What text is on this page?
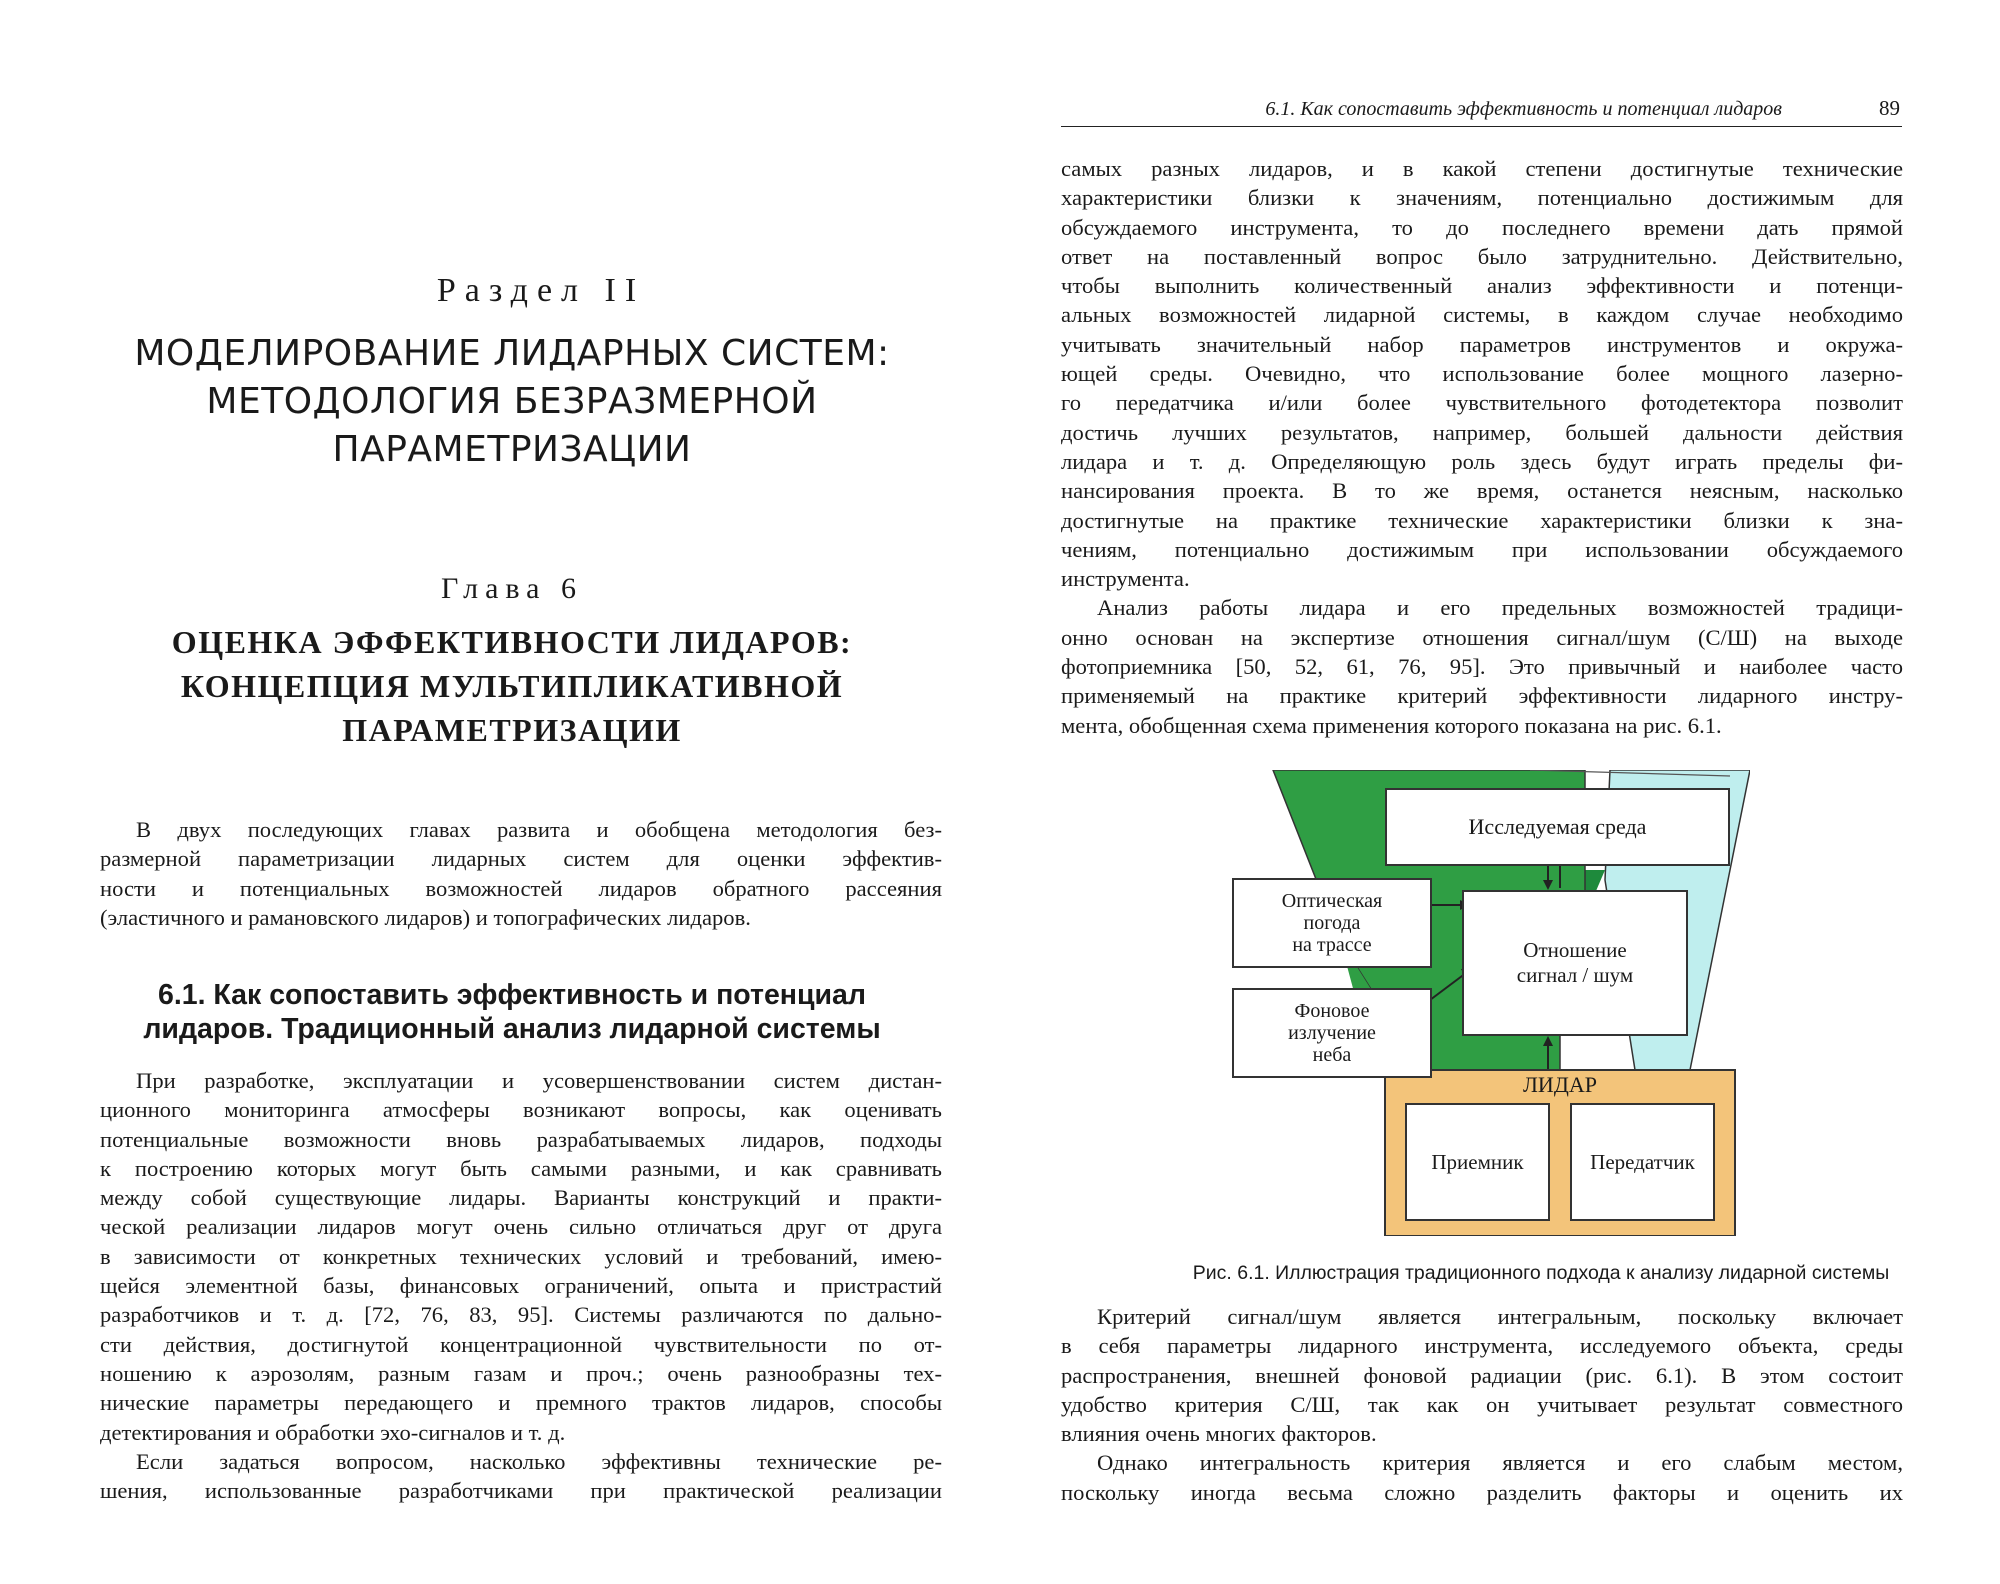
Раздел II
МОДЕЛИРОВАНИЕ ЛИДАРНЫХ СИСТЕМ:
МЕТОДОЛОГИЯ БЕЗРАЗМЕРНОЙ
ПАРАМЕТРИЗАЦИИ
Глава 6
ОЦЕНКА ЭФФЕКТИВНОСТИ ЛИДАРОВ:
КОНЦЕПЦИЯ МУЛЬТИПЛИКАТИВНОЙ
ПАРАМЕТРИЗАЦИИ
В двух последующих главах развита и обобщена методология без-
размерной параметризации лидарных систем для оценки эффектив-
ности и потенциальных возможностей лидаров обратного рассеяния
(эластичного и рамановского лидаров) и топографических лидаров.
6.1. Как сопоставить эффективность и потенциал
лидаров. Традиционный анализ лидарной системы
При разработке, эксплуатации и усовершенствовании систем дистан-
ционного мониторинга атмосферы возникают вопросы, как оценивать
потенциальные возможности вновь разрабатываемых лидаров, подходы
к построению которых могут быть самыми разными, и как сравнивать
между собой существующие лидары. Варианты конструкций и практи-
ческой реализации лидаров могут очень сильно отличаться друг от друга
в зависимости от конкретных технических условий и требований, имею-
щейся элементной базы, финансовых ограничений, опыта и пристрастий
разработчиков и т. д. [72, 76, 83, 95]. Системы различаются по дально-
сти действия, достигнутой концентрационной чувствительности по от-
ношению к аэрозолям, разным газам и проч.; очень разнообразны тех-
нические параметры передающего и премного трактов лидаров, способы
детектирования и обработки эхо-сигналов и т. д.
Если задаться вопросом, насколько эффективны технические ре-
шения, использованные разработчиками при практической реализации
6.1. Как сопоставить эффективность и потенциал лидаров	89
самых разных лидаров, и в какой степени достигнутые технические
характеристики близки к значениям, потенциально достижимым для
обсуждаемого инструмента, то до последнего времени дать прямой
ответ на поставленный вопрос было затруднительно. Действительно,
чтобы выполнить количественный анализ эффективности и потенци-
альных возможностей лидарной системы, в каждом случае необходимо
учитывать значительный набор параметров инструментов и окружа-
ющей среды. Очевидно, что использование более мощного лазерно-
го передатчика и/или более чувствительного фотодетектора позволит
достичь лучших результатов, например, большей дальности действия
лидара и т. д. Определяющую роль здесь будут играть пределы фи-
нансирования проекта. В то же время, останется неясным, насколько
достигнутые на практике технические характеристики близки к зна-
чениям, потенциально достижимым при использовании обсуждаемого
инструмента.
Анализ работы лидара и его предельных возможностей традици-
онно основан на экспертизе отношения сигнал/шум (С/Ш) на выходе
фотоприемника [50, 52, 61, 76, 95]. Это привычный и наиболее часто
применяемый на практике критерий эффективности лидарного инстру-
мента, обобщенная схема применения которого показана на рис. 6.1.
Исследуемая среда
Оптическая
погода
на трассе
Фоновое
излучение
неба
Отношение
сигнал / шум
ЛИДАР
Приемник	Передатчик
Рис. 6.1. Иллюстрация традиционного подхода к анализу лидарной системы
Критерий сигнал/шум является интегральным, поскольку включает
в себя параметры лидарного инструмента, исследуемого объекта, среды
распространения, внешней фоновой радиации (рис. 6.1). В этом состоит
удобство критерия С/Ш, так как он учитывает результат совместного
влияния очень многих факторов.
Однако интегральность критерия является и его слабым местом,
поскольку иногда весьма сложно разделить факторы и оценить их
